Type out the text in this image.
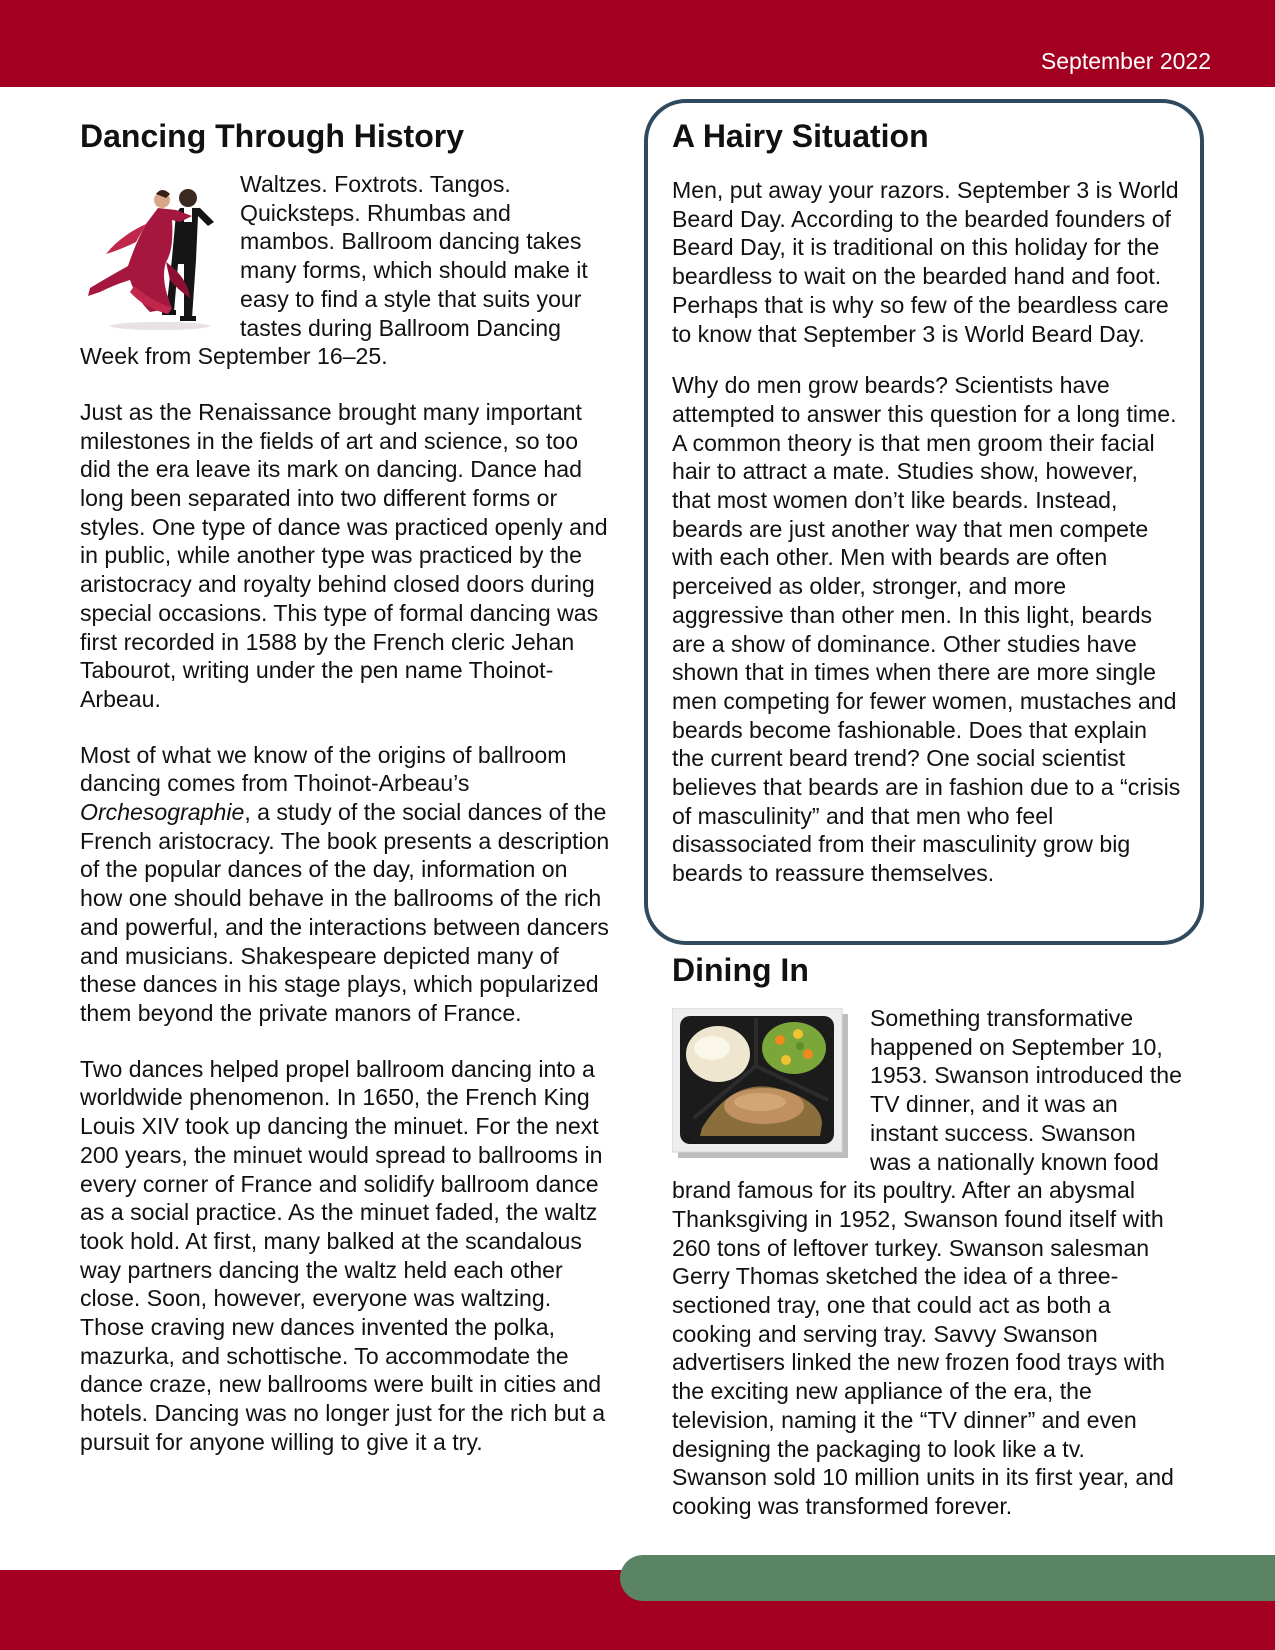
September 2022
Dancing Through History

Waltzes. Foxtrots. Tangos. Quicksteps. Rhumbas and mambos. Ballroom dancing takes many forms, which should make it easy to find a style that suits your tastes during Ballroom Dancing Week from September 16–25.

Just as the Renaissance brought many important milestones in the fields of art and science, so too did the era leave its mark on dancing. Dance had long been separated into two different forms or styles. One type of dance was practiced openly and in public, while another type was practiced by the aristocracy and royalty behind closed doors during special occasions. This type of formal dancing was first recorded in 1588 by the French cleric Jehan Tabourot, writing under the pen name Thoinot-Arbeau.

Most of what we know of the origins of ballroom dancing comes from Thoinot-Arbeau’s Orchesographie, a study of the social dances of the French aristocracy. The book presents a description of the popular dances of the day, information on how one should behave in the ballrooms of the rich and powerful, and the interactions between dancers and musicians. Shakespeare depicted many of these dances in his stage plays, which popularized them beyond the private manors of France.

Two dances helped propel ballroom dancing into a worldwide phenomenon. In 1650, the French King Louis XIV took up dancing the minuet. For the next 200 years, the minuet would spread to ballrooms in every corner of France and solidify ballroom dance as a social practice. As the minuet faded, the waltz took hold. At first, many balked at the scandalous way partners dancing the waltz held each other close. Soon, however, everyone was waltzing. Those craving new dances invented the polka, mazurka, and schottische. To accommodate the dance craze, new ballrooms were built in cities and hotels. Dancing was no longer just for the rich but a pursuit for anyone willing to give it a try.

A Hairy Situation

Men, put away your razors. September 3 is World Beard Day. According to the bearded founders of Beard Day, it is traditional on this holiday for the beardless to wait on the bearded hand and foot. Perhaps that is why so few of the beardless care to know that September 3 is World Beard Day.

Why do men grow beards? Scientists have attempted to answer this question for a long time. A common theory is that men groom their facial hair to attract a mate. Studies show, however, that most women don’t like beards. Instead, beards are just another way that men compete with each other. Men with beards are often perceived as older, stronger, and more aggressive than other men. In this light, beards are a show of dominance. Other studies have shown that in times when there are more single men competing for fewer women, mustaches and beards become fashionable. Does that explain the current beard trend? One social scientist believes that beards are in fashion due to a “crisis of masculinity” and that men who feel disassociated from their masculinity grow big beards to reassure themselves.

Dining In

Something transformative happened on September 10, 1953. Swanson introduced the TV dinner, and it was an instant success. Swanson was a nationally known food brand famous for its poultry. After an abysmal Thanksgiving in 1952, Swanson found itself with 260 tons of leftover turkey. Swanson salesman Gerry Thomas sketched the idea of a three-sectioned tray, one that could act as both a cooking and serving tray. Savvy Swanson advertisers linked the new frozen food trays with the exciting new appliance of the era, the television, naming it the “TV dinner” and even designing the packaging to look like a tv. Swanson sold 10 million units in its first year, and cooking was transformed forever.
